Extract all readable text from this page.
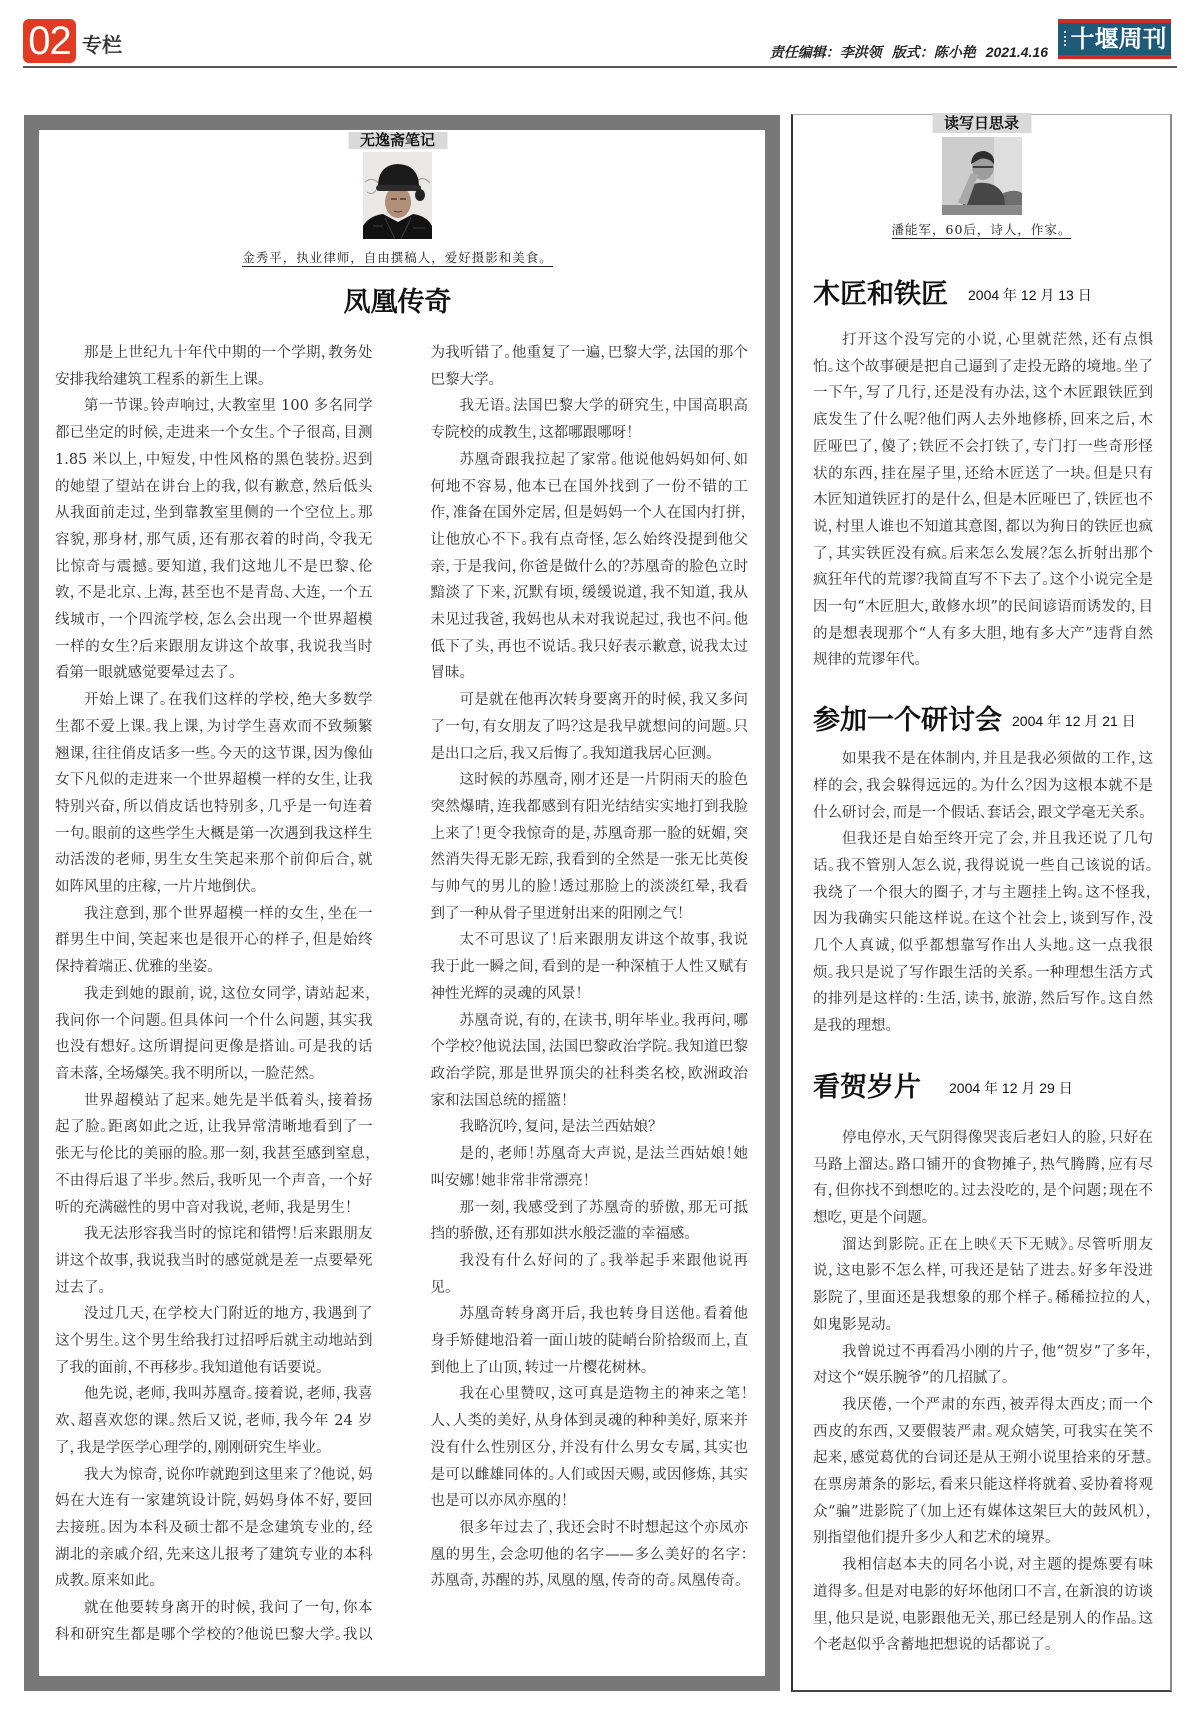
02 专栏	责任编辑：李洪领 版式：陈小艳 2021.4.16 十堰周刊
无逸斋笔记
金秀平，执业律师，自由撰稿人，爱好摄影和美食。
凤凰传奇

那是上世纪九十年代中期的一个学期，教务处安排我给建筑工程系的新生上课。

第一节课。铃声响过，大教室里 100 多名同学都已坐定的时候，走进来一个女生。个子很高，目测 1.85 米以上，中短发，中性风格的黑色装扮。迟到的她望了望站在讲台上的我，似有歉意，然后低头从我面前走过，坐到靠教室里侧的一个空位上。那容貌，那身材，那气质，还有那衣着的时尚，令我无比惊奇与震撼。要知道，我们这地儿不是巴黎、伦敦，不是北京、上海，甚至也不是青岛、大连，一个五线城市，一个四流学校，怎么会出现一个世界超模一样的女生？后来跟朋友讲这个故事，我说我当时看第一眼就感觉要晕过去了。

开始上课了。在我们这样的学校，绝大多数学生都不爱上课。我上课，为讨学生喜欢而不致频繁翘课，往往俏皮话多一些。今天的这节课，因为像仙女下凡似的走进来一个世界超模一样的女生，让我特别兴奋，所以俏皮话也特别多，几乎是一句连着一句。眼前的这些学生大概是第一次遇到我这样生动活泼的老师，男生女生笑起来那个前仰后合，就如阵风里的庄稼，一片片地倒伏。

我注意到，那个世界超模一样的女生，坐在一群男生中间，笑起来也是很开心的样子，但是始终保持着端正、优雅的坐姿。

我走到她的跟前，说，这位女同学，请站起来，我问你一个问题。但具体问一个什么问题，其实我也没有想好。这所谓提问更像是搭讪。可是我的话音未落，全场爆笑。我不明所以，一脸茫然。

世界超模站了起来。她先是半低着头，接着扬起了脸。距离如此之近，让我异常清晰地看到了一张无与伦比的美丽的脸。那一刻，我甚至感到窒息，不由得后退了半步。然后，我听见一个声音，一个好听的充满磁性的男中音对我说，老师，我是男生！

我无法形容我当时的惊诧和错愕！后来跟朋友讲这个故事，我说我当时的感觉就是差一点要晕死过去了。

没过几天，在学校大门附近的地方，我遇到了这个男生。这个男生给我打过招呼后就主动地站到了我的面前，不再移步。我知道他有话要说。

他先说，老师，我叫苏凰奇。接着说，老师，我喜欢、超喜欢您的课。然后又说，老师，我今年 24 岁了，我是学医学心理学的，刚刚研究生毕业。

我大为惊奇，说你咋就跑到这里来了？他说，妈妈在大连有一家建筑设计院，妈妈身体不好，要回去接班。因为本科及硕士都不是念建筑专业的，经湖北的亲戚介绍，先来这儿报考了建筑专业的本科成教。原来如此。

就在他要转身离开的时候，我问了一句，你本科和研究生都是哪个学校的？他说巴黎大学。我以为我听错了。他重复了一遍，巴黎大学，法国的那个巴黎大学。

我无语。法国巴黎大学的研究生，中国高职高专院校的成教生，这都哪跟哪呀！

苏凰奇跟我拉起了家常。他说他妈妈如何、如何地不容易，他本已在国外找到了一份不错的工作，准备在国外定居，但是妈妈一个人在国内打拼，让他放心不下。我有点奇怪，怎么始终没提到他父亲，于是我问，你爸是做什么的？苏凰奇的脸色立时黯淡了下来，沉默有顷，缓缓说道，我不知道，我从未见过我爸，我妈也从未对我说起过，我也不问。他低下了头，再也不说话。我只好表示歉意，说我太过冒昧。

可是就在他再次转身要离开的时候，我又多问了一句，有女朋友了吗？这是我早就想问的问题。只是出口之后，我又后悔了。我知道我居心叵测。

这时候的苏凰奇，刚才还是一片阴雨天的脸色突然爆晴，连我都感到有阳光结结实实地打到我脸上来了！更令我惊奇的是，苏凰奇那一脸的妩媚，突然消失得无影无踪，我看到的全然是一张无比英俊与帅气的男儿的脸！透过那脸上的淡淡红晕，我看到了一种从骨子里迸射出来的阳刚之气！

太不可思议了！后来跟朋友讲这个故事，我说我于此一瞬之间，看到的是一种深植于人性又赋有神性光辉的灵魂的风景！

苏凰奇说，有的，在读书，明年毕业。我再问，哪个学校？他说法国，法国巴黎政治学院。我知道巴黎政治学院，那是世界顶尖的社科类名校，欧洲政治家和法国总统的摇篮！

我略沉吟，复问，是法兰西姑娘？

是的，老师！苏凰奇大声说，是法兰西姑娘！她叫安娜！她非常非常漂亮！

那一刻，我感受到了苏凰奇的骄傲，那无可抵挡的骄傲，还有那如洪水般泛滥的幸福感。

我没有什么好问的了。我举起手来跟他说再见。

苏凰奇转身离开后，我也转身目送他。看着他身手矫健地沿着一面山坡的陡峭台阶拾级而上，直到他上了山顶，转过一片樱花树林。

我在心里赞叹，这可真是造物主的神来之笔！人、人类的美好，从身体到灵魂的种种美好，原来并没有什么性别区分，并没有什么男女专属，其实也是可以雌雄同体的。人们或因天赐，或因修炼，其实也是可以亦凤亦凰的！

很多年过去了，我还会时不时想起这个亦凤亦凰的男生，会念叨他的名字——多么美好的名字：苏凰奇，苏醒的苏，凤凰的凰，传奇的奇。凤凰传奇。

读写日思录
潘能军，60后，诗人，作家。
木匠和铁匠 2004 年 12 月 13 日

打开这个没写完的小说，心里就茫然，还有点惧怕。这个故事硬是把自己逼到了走投无路的境地。坐了一下午，写了几行，还是没有办法，这个木匠跟铁匠到底发生了什么呢？他们两人去外地修桥，回来之后，木匠哑巴了，傻了；铁匠不会打铁了，专门打一些奇形怪状的东西，挂在屋子里，还给木匠送了一块。但是只有木匠知道铁匠打的是什么，但是木匠哑巴了，铁匠也不说，村里人谁也不知道其意图，都以为狗日的铁匠也疯了，其实铁匠没有疯。后来怎么发展？怎么折射出那个疯狂年代的荒谬？我简直写不下去了。这个小说完全是因一句“木匠胆大，敢修水坝”的民间谚语而诱发的，目的是想表现那个“人有多大胆，地有多大产”违背自然规律的荒谬年代。

参加一个研讨会 2004 年 12 月 21 日

如果我不是在体制内，并且是我必须做的工作，这样的会，我会躲得远远的。为什么？因为这根本就不是什么研讨会，而是一个假话、套话会，跟文学毫无关系。

但我还是自始至终开完了会，并且我还说了几句话。我不管别人怎么说，我得说说一些自己该说的话。我绕了一个很大的圈子，才与主题挂上钩。这不怪我，因为我确实只能这样说。在这个社会上，谈到写作，没几个人真诚，似乎都想靠写作出人头地。这一点我很烦。我只是说了写作跟生活的关系。一种理想生活方式的排列是这样的：生活，读书，旅游，然后写作。这自然是我的理想。

看贺岁片 2004 年 12 月 29 日

停电停水，天气阴得像哭丧后老妇人的脸，只好在马路上溜达。路口铺开的食物摊子，热气腾腾，应有尽有，但你找不到想吃的。过去没吃的，是个问题；现在不想吃，更是个问题。

溜达到影院。正在上映《天下无贼》。尽管听朋友说，这电影不怎么样，可我还是钻了进去。好多年没进影院了，里面还是我想象的那个样子。稀稀拉拉的人，如鬼影晃动。

我曾说过不再看冯小刚的片子，他“贺岁”了多年，对这个“娱乐腕爷”的几招腻了。

我厌倦，一个严肃的东西，被弄得太西皮；而一个西皮的东西，又要假装严肃。观众嬉笑，可我实在笑不起来，感觉葛优的台词还是从王朔小说里拾来的牙慧。在票房萧条的影坛，看来只能这样将就着、妥协着将观众“骗”进影院了（加上还有媒体这架巨大的鼓风机），别指望他们提升多少人和艺术的境界。

我相信赵本夫的同名小说，对主题的提炼要有味道得多。但是对电影的好坏他闭口不言，在新浪的访谈里，他只是说，电影跟他无关，那已经是别人的作品。这个老赵似乎含蓄地把想说的话都说了。
